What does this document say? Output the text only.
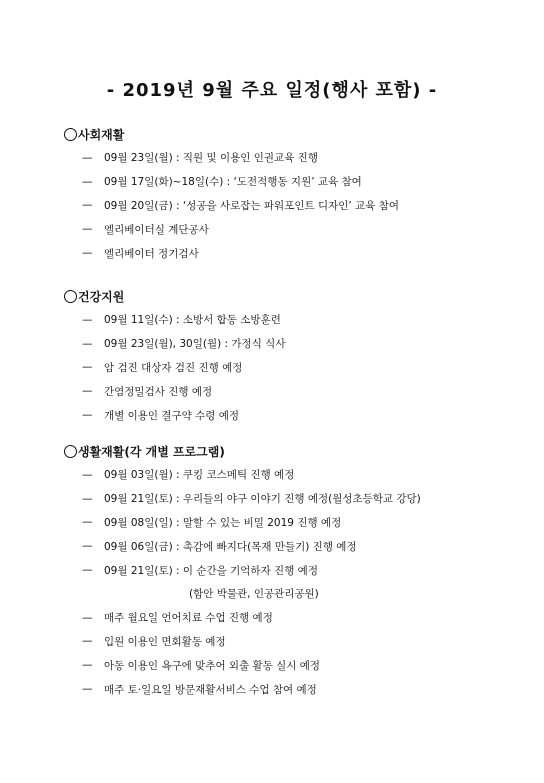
- 2019년 9월 주요 일정(행사 포함) -
사회재활
—	09월 23일(월) : 직원 및 이용인 인권교육 진행
—	09월 17일(화)~18일(수) : ‘도전적행동 지원’ 교육 참여
—	09월 20일(금) : ‘성공을 사로잡는 파워포인트 디자인’ 교육 참여
—	엘리베이터실 계단공사
—	엘리베이터 정기검사
건강지원
—	09월 11일(수) : 소방서 합동 소방훈련
—	09월 23일(월), 30일(월) : 가정식 식사
—	암 검진 대상자 검진 진행 예정
—	간염정밀검사 진행 예정
—	개별 이용인 결구약 수령 예정
생활재활(각 개별 프로그램)
—	09월 03일(월) : 쿠킹 코스메틱 진행 예정
—	09월 21일(토) : 우리들의 야구 이야기 진행 예정(월성초등학교 강당)
—	09월 08일(일) : 말할 수 있는 비밀 2019 진행 예정
—	09월 06일(금) : 촉감에 빠지다(목재 만들기) 진행 예정
—	09월 21일(토) : 이 순간을 기억하자 진행 예정
(함안 박물관, 인공관리공원)
—	매주 월요일 언어치료 수업 진행 예정
—	입원 이용인 면회활동 예정
—	아동 이용인 욕구에 맞추어 외출 활동 실시 예정
—	매주 토·일요일 방문재활서비스 수업 참여 예정
